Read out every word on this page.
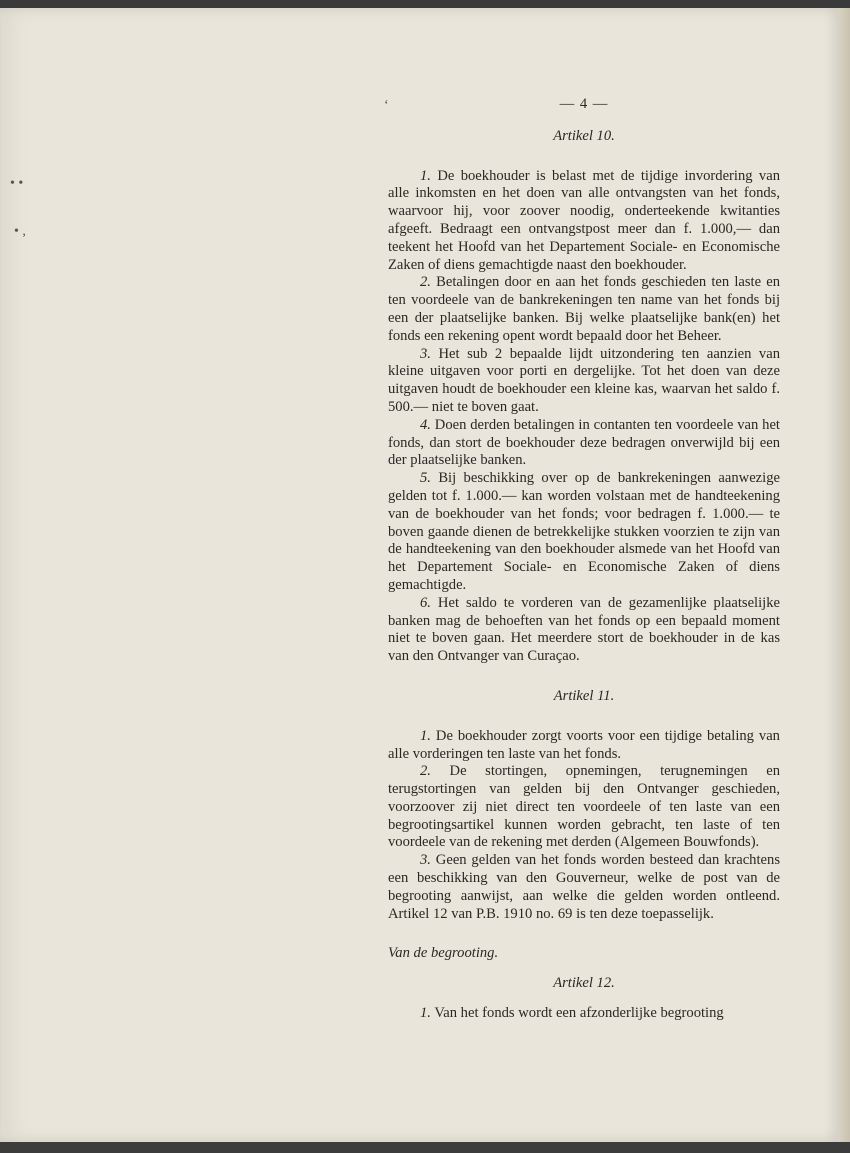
— 4 —
Artikel 10.

1. De boekhouder is belast met de tijdige invordering van alle inkomsten en het doen van alle ontvangsten van het fonds, waarvoor hij, voor zoover noodig, onderteekende kwitanties afgeeft. Bedraagt een ontvangstpost meer dan f. 1.000,— dan teekent het Hoofd van het Departement Sociale- en Economische Zaken of diens gemachtigde naast den boekhouder.

2. Betalingen door en aan het fonds geschieden ten laste en ten voordeele van de bankrekeningen ten name van het fonds bij een der plaatselijke banken. Bij welke plaatselijke bank(en) het fonds een rekening opent wordt bepaald door het Beheer.

3. Het sub 2 bepaalde lijdt uitzondering ten aanzien van kleine uitgaven voor porti en dergelijke. Tot het doen van deze uitgaven houdt de boekhouder een kleine kas, waarvan het saldo f. 500.— niet te boven gaat.

4. Doen derden betalingen in contanten ten voordeele van het fonds, dan stort de boekhouder deze bedragen onverwijld bij een der plaatselijke banken.

5. Bij beschikking over op de bankrekeningen aanwezige gelden tot f. 1.000.— kan worden volstaan met de handteekening van de boekhouder van het fonds; voor bedragen f. 1.000.— te boven gaande dienen de betrekkelijke stukken voorzien te zijn van de handteekening van den boekhouder alsmede van het Hoofd van het Departement Sociale- en Economische Zaken of diens gemachtigde.

6. Het saldo te vorderen van de gezamenlijke plaatselijke banken mag de behoeften van het fonds op een bepaald moment niet te boven gaan. Het meerdere stort de boekhouder in de kas van den Ontvanger van Curaçao.

Artikel 11.

1. De boekhouder zorgt voorts voor een tijdige betaling van alle vorderingen ten laste van het fonds.

2. De stortingen, opnemingen, terugnemingen en terugstortingen van gelden bij den Ontvanger geschieden, voorzoover zij niet direct ten voordeele of ten laste van een begrootingsartikel kunnen worden gebracht, ten laste of ten voordeele van de rekening met derden (Algemeen Bouwfonds).

3. Geen gelden van het fonds worden besteed dan krachtens een beschikking van den Gouverneur, welke de post van de begrooting aanwijst, aan welke die gelden worden ontleend. Artikel 12 van P.B. 1910 no. 69 is ten deze toepasselijk.

Van de begrooting.
Artikel 12.

1. Van het fonds wordt een afzonderlijke begrooting

• •
• ,
ʻ
